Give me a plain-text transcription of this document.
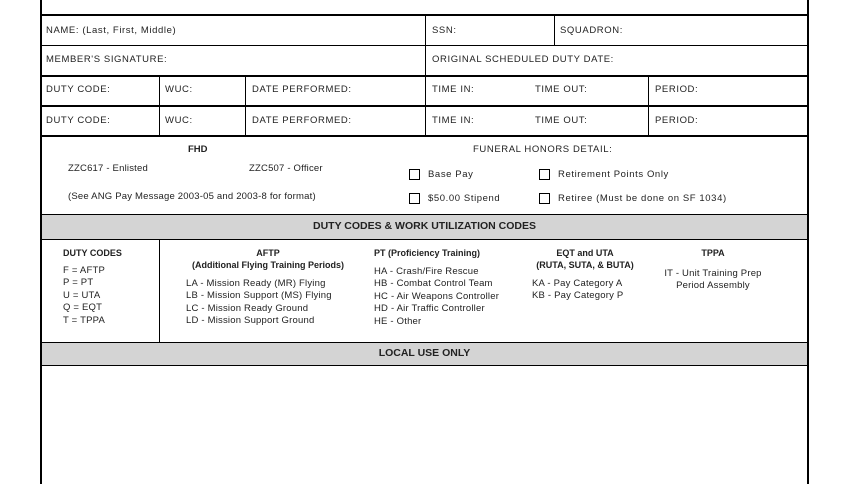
NAME: (Last, First, Middle)	SSN:	SQUADRON:
MEMBER'S SIGNATURE:	ORIGINAL SCHEDULED DUTY DATE:
DUTY CODE:	WUC:	DATE PERFORMED:	TIME IN:	TIME OUT:	PERIOD:
DUTY CODE:	WUC:	DATE PERFORMED:	TIME IN:	TIME OUT:	PERIOD:
FHD
ZZC617 - Enlisted	ZZC507 - Officer
(See ANG Pay Message 2003-05 and 2003-8 for format)
FUNERAL HONORS DETAIL:
Base Pay	Retirement Points Only
$50.00 Stipend	Retiree (Must be done on SF 1034)
DUTY CODES & WORK UTILIZATION CODES
DUTY CODES
F = AFTP
P = PT
U = UTA
Q = EQT
T = TPPA
AFTP
(Additional Flying Training Periods)
LA - Mission Ready (MR) Flying
LB - Mission Support (MS) Flying
LC - Mission Ready Ground
LD - Mission Support Ground
PT (Proficiency Training)
HA - Crash/Fire Rescue
HB - Combat Control Team
HC - Air Weapons Controller
HD - Air Traffic Controller
HE - Other
EQT and UTA
(RUTA, SUTA, & BUTA)
KA - Pay Category A
KB - Pay Category P
TPPA
IT - Unit Training Prep
Period Assembly
LOCAL USE ONLY
